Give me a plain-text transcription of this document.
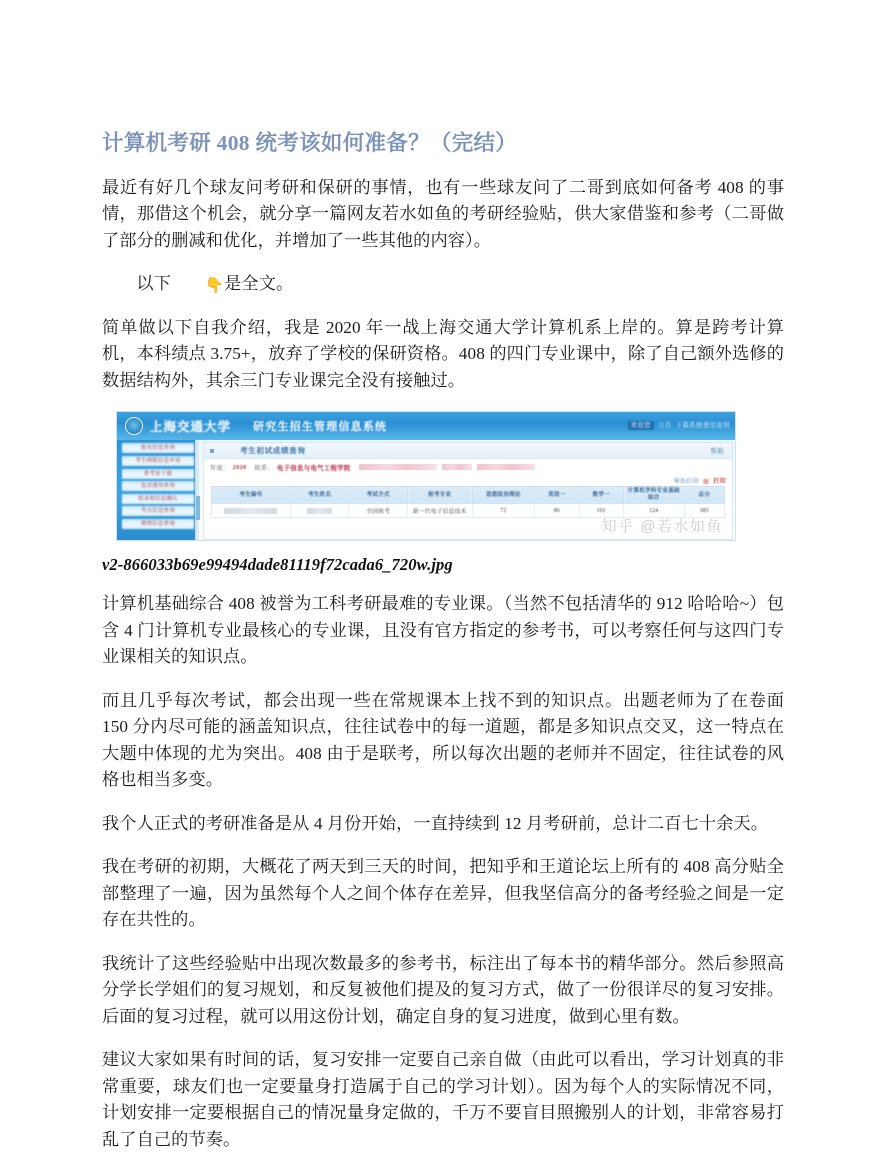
计算机考研 408 统考该如何准备？（完结）

最近有好几个球友问考研和保研的事情，也有一些球友问了二哥到底如何备考 408 的事情，那借这个机会，就分享一篇网友若水如鱼的考研经验贴，供大家借鉴和参考（二哥做了部分的删减和优化，并增加了一些其他的内容）。

以下 👇是全文。

简单做以下自我介绍，我是 2020 年一战上海交通大学计算机系上岸的。算是跨考计算机，本科绩点 3.75+，放弃了学校的保研资格。408 的四门专业课中，除了自己额外选修的数据结构外，其余三门专业课完全没有接触过。

上海交通大学 研究生招生管理信息系统	欢迎您 公告 下载系统使用说明
报名信息查询
考生网报信息申请
准考证下载
复试通知查询
拟录取信息确认
考点信息查询
调剂信息查询
考生初试成绩查询	帮助
年度： 2020 院系： 电子信息与电气工程学院
导出打印 ▤ 打印
考生编号	考生姓名	考试方式	报考专业	思想政治理论	英语一	数学一	计算机学科专业基础综合	总分
		全国统考	新一代电子信息技术	72	86	101	124	385
知乎 @若水如鱼
v2-866033b69e99494dade81119f72cada6_720w.jpg

计算机基础综合 408 被誉为工科考研最难的专业课。（当然不包括清华的 912 哈哈哈~）包含 4 门计算机专业最核心的专业课，且没有官方指定的参考书，可以考察任何与这四门专业课相关的知识点。

而且几乎每次考试，都会出现一些在常规课本上找不到的知识点。出题老师为了在卷面 150 分内尽可能的涵盖知识点，往往试卷中的每一道题，都是多知识点交叉，这一特点在大题中体现的尤为突出。408 由于是联考，所以每次出题的老师并不固定，往往试卷的风格也相当多变。

我个人正式的考研准备是从 4 月份开始，一直持续到 12 月考研前，总计二百七十余天。

我在考研的初期，大概花了两天到三天的时间，把知乎和王道论坛上所有的 408 高分贴全部整理了一遍，因为虽然每个人之间个体存在差异，但我坚信高分的备考经验之间是一定存在共性的。

我统计了这些经验贴中出现次数最多的参考书，标注出了每本书的精华部分。然后参照高分学长学姐们的复习规划，和反复被他们提及的复习方式，做了一份很详尽的复习安排。后面的复习过程，就可以用这份计划，确定自身的复习进度，做到心里有数。

建议大家如果有时间的话，复习安排一定要自己亲自做（由此可以看出，学习计划真的非常重要，球友们也一定要量身打造属于自己的学习计划）。因为每个人的实际情况不同，计划安排一定要根据自己的情况量身定做的，千万不要盲目照搬别人的计划，非常容易打乱了自己的节奏。
